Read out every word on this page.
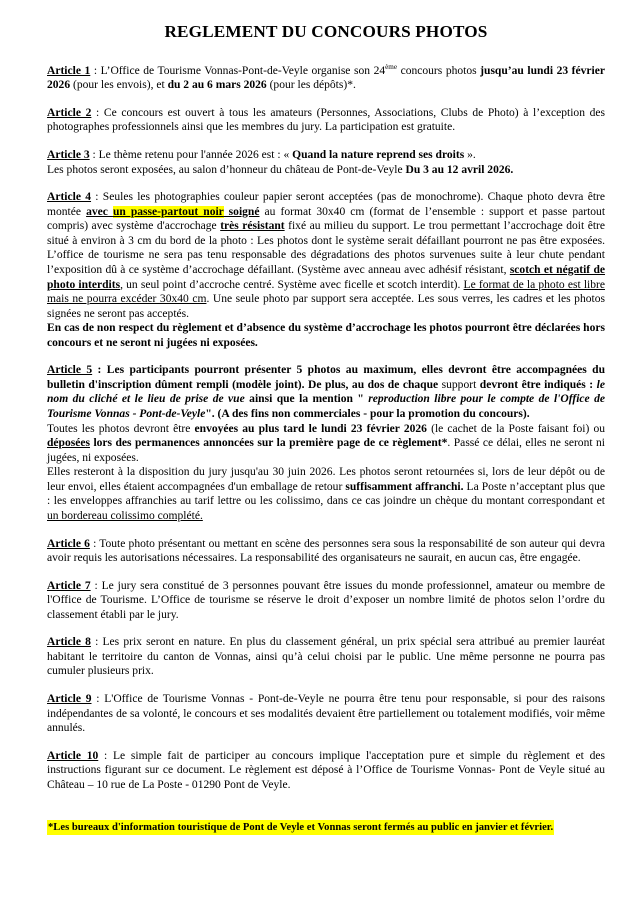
REGLEMENT DU CONCOURS PHOTOS

Article 1 : L’Office de Tourisme Vonnas-Pont-de-Veyle organise son 24ème concours photos jusqu’au lundi 23 février 2026 (pour les envois), et du 2 au 6 mars 2026 (pour les dépôts)*.

Article 2 : Ce concours est ouvert à tous les amateurs (Personnes, Associations, Clubs de Photo) à l’exception des photographes professionnels ainsi que les membres du jury. La participation est gratuite.

Article 3 : Le thème retenu pour l'année 2026 est : « Quand la nature reprend ses droits ».
Les photos seront exposées, au salon d’honneur du château de Pont-de-Veyle Du 3 au 12 avril 2026.

Article 4 : Seules les photographies couleur papier seront acceptées (pas de monochrome). Chaque photo devra être montée avec un passe-partout noir soigné au format 30x40 cm (format de l’ensemble : support et passe partout compris) avec système d'accrochage très résistant fixé au milieu du support. Le trou permettant l’accrochage doit être situé à environ à 3 cm du bord de la photo : Les photos dont le système serait défaillant pourront ne pas être exposées. L’office de tourisme ne sera pas tenu responsable des dégradations des photos survenues suite à leur chute pendant l’exposition dû à ce système d’accrochage défaillant. (Système avec anneau avec adhésif résistant, scotch et négatif de photo interdits, un seul point d’accroche centré. Système avec ficelle et scotch interdit). Le format de la photo est libre mais ne pourra excéder 30x40 cm. Une seule photo par support sera acceptée. Les sous verres, les cadres et les photos signées ne seront pas acceptés.

En cas de non respect du règlement et d’absence du système d’accrochage les photos pourront être déclarées hors concours et ne seront ni jugées ni exposées.

Article 5 : Les participants pourront présenter 5 photos au maximum, elles devront être accompagnées du bulletin d'inscription dûment rempli (modèle joint). De plus, au dos de chaque support devront être indiqués : le nom du cliché et le lieu de prise de vue ainsi que la mention " reproduction libre pour le compte de l'Office de Tourisme Vonnas - Pont-de-Veyle". (A des fins non commerciales - pour la promotion du concours).

Toutes les photos devront être envoyées au plus tard le lundi 23 février 2026 (le cachet de la Poste faisant foi) ou déposées lors des permanences annoncées sur la première page de ce règlement*. Passé ce délai, elles ne seront ni jugées, ni exposées.

Elles resteront à la disposition du jury jusqu'au 30 juin 2026. Les photos seront retournées si, lors de leur dépôt ou de leur envoi, elles étaient accompagnées d'un emballage de retour suffisamment affranchi. La Poste n’acceptant plus que : les enveloppes affranchies au tarif lettre ou les colissimo, dans ce cas joindre un chèque du montant correspondant et un bordereau colissimo complété.

Article 6 : Toute photo présentant ou mettant en scène des personnes sera sous la responsabilité de son auteur qui devra avoir requis les autorisations nécessaires. La responsabilité des organisateurs ne saurait, en aucun cas, être engagée.

Article 7 : Le jury sera constitué de 3 personnes pouvant être issues du monde professionnel, amateur ou membre de l'Office de Tourisme. L’Office de tourisme se réserve le droit d’exposer un nombre limité de photos selon l’ordre du classement établi par le jury.

Article 8 : Les prix seront en nature. En plus du classement général, un prix spécial sera attribué au premier lauréat habitant le territoire du canton de Vonnas, ainsi qu’à celui choisi par le public. Une même personne ne pourra pas cumuler plusieurs prix.

Article 9 : L'Office de Tourisme Vonnas - Pont-de-Veyle ne pourra être tenu pour responsable, si pour des raisons indépendantes de sa volonté, le concours et ses modalités devaient être partiellement ou totalement modifiés, voir même annulés.

Article 10 : Le simple fait de participer au concours implique l'acceptation pure et simple du règlement et des instructions figurant sur ce document. Le règlement est déposé à l’Office de Tourisme Vonnas- Pont de Veyle situé au Château – 10 rue de La Poste - 01290 Pont de Veyle.

*Les bureaux d'information touristique de Pont de Veyle et Vonnas seront fermés au public en janvier et février.
